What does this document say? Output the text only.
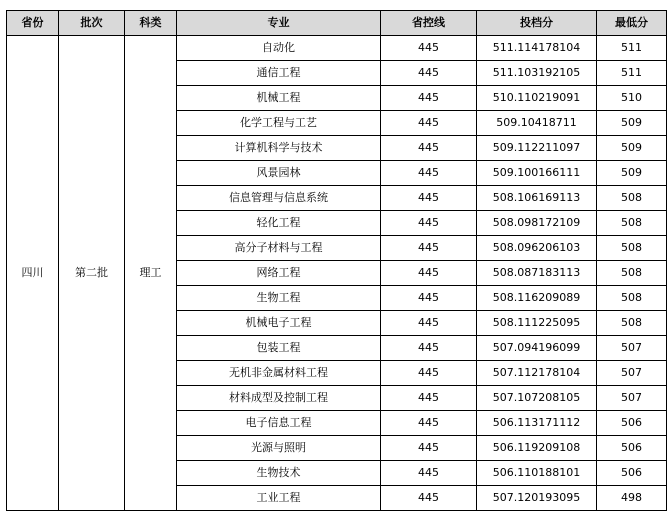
省份	批次	科类	专业	省控线	投档分	最低分
四川	第二批	理工	自动化	445	511.114178104	511
			通信工程	445	511.103192105	511
			机械工程	445	510.110219091	510
			化学工程与工艺	445	509.10418711	509
			计算机科学与技术	445	509.112211097	509
			风景园林	445	509.100166111	509
			信息管理与信息系统	445	508.106169113	508
			轻化工程	445	508.098172109	508
			高分子材料与工程	445	508.096206103	508
			网络工程	445	508.087183113	508
			生物工程	445	508.116209089	508
			机械电子工程	445	508.111225095	508
			包装工程	445	507.094196099	507
			无机非金属材料工程	445	507.112178104	507
			材料成型及控制工程	445	507.107208105	507
			电子信息工程	445	506.113171112	506
			光源与照明	445	506.119209108	506
			生物技术	445	506.110188101	506
			工业工程	445	507.120193095	498
